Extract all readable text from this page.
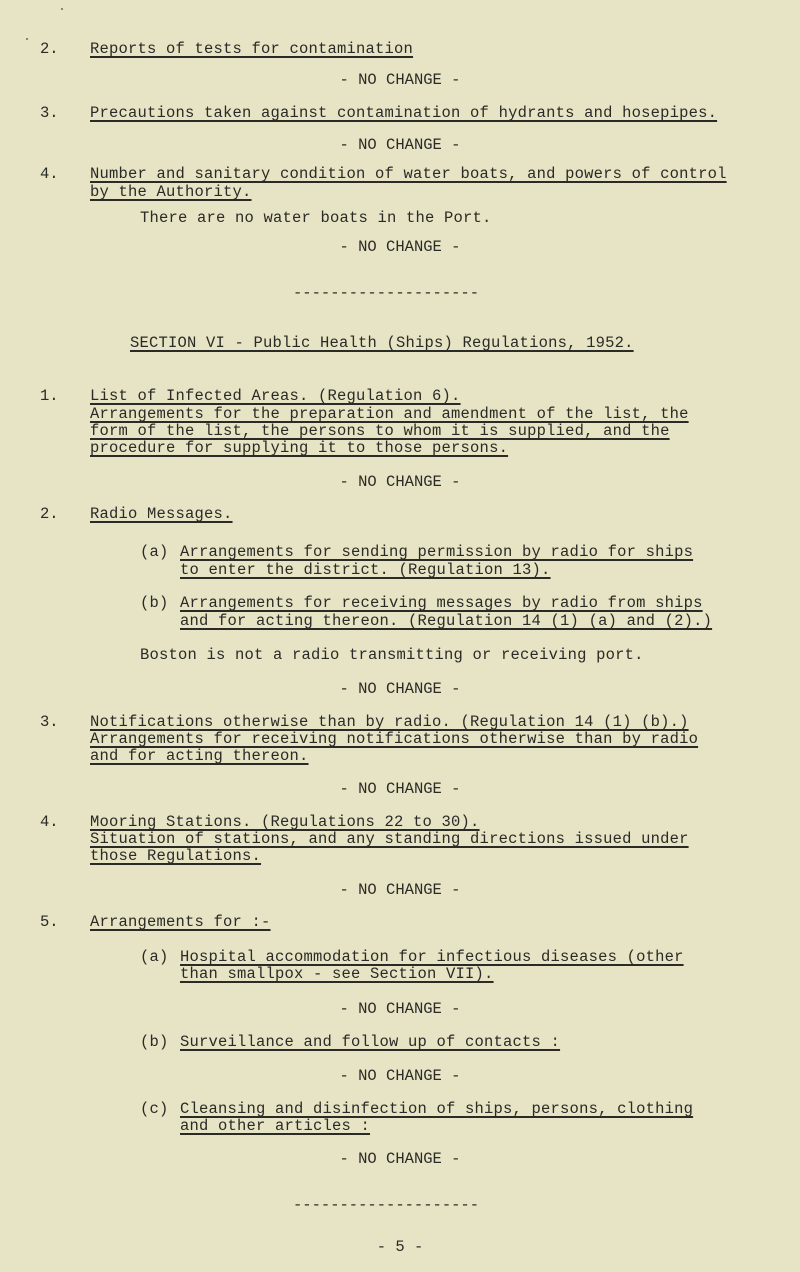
2. Reports of tests for contamination
- NO CHANGE -
3. Precautions taken against contamination of hydrants and hosepipes.
- NO CHANGE -
4. Number and sanitary condition of water boats, and powers of control
by the Authority.
There are no water boats in the Port.
- NO CHANGE -
--------------------
SECTION VI - Public Health (Ships) Regulations, 1952.
1. List of Infected Areas. (Regulation 6).
Arrangements for the preparation and amendment of the list, the
form of the list, the persons to whom it is supplied, and the
procedure for supplying it to those persons.
- NO CHANGE -
2. Radio Messages.
(a) Arrangements for sending permission by radio for ships
to enter the district. (Regulation 13).
(b) Arrangements for receiving messages by radio from ships
and for acting thereon. (Regulation 14 (1) (a) and (2).)
Boston is not a radio transmitting or receiving port.
- NO CHANGE -
3. Notifications otherwise than by radio. (Regulation 14 (1) (b).)
Arrangements for receiving notifications otherwise than by radio
and for acting thereon.
- NO CHANGE -
4. Mooring Stations. (Regulations 22 to 30).
Situation of stations, and any standing directions issued under
those Regulations.
- NO CHANGE -
5. Arrangements for :-
(a) Hospital accommodation for infectious diseases (other
than smallpox - see Section VII).
- NO CHANGE -
(b) Surveillance and follow up of contacts :
- NO CHANGE -
(c) Cleansing and disinfection of ships, persons, clothing
and other articles :
- NO CHANGE -
--------------------
- 5 -
